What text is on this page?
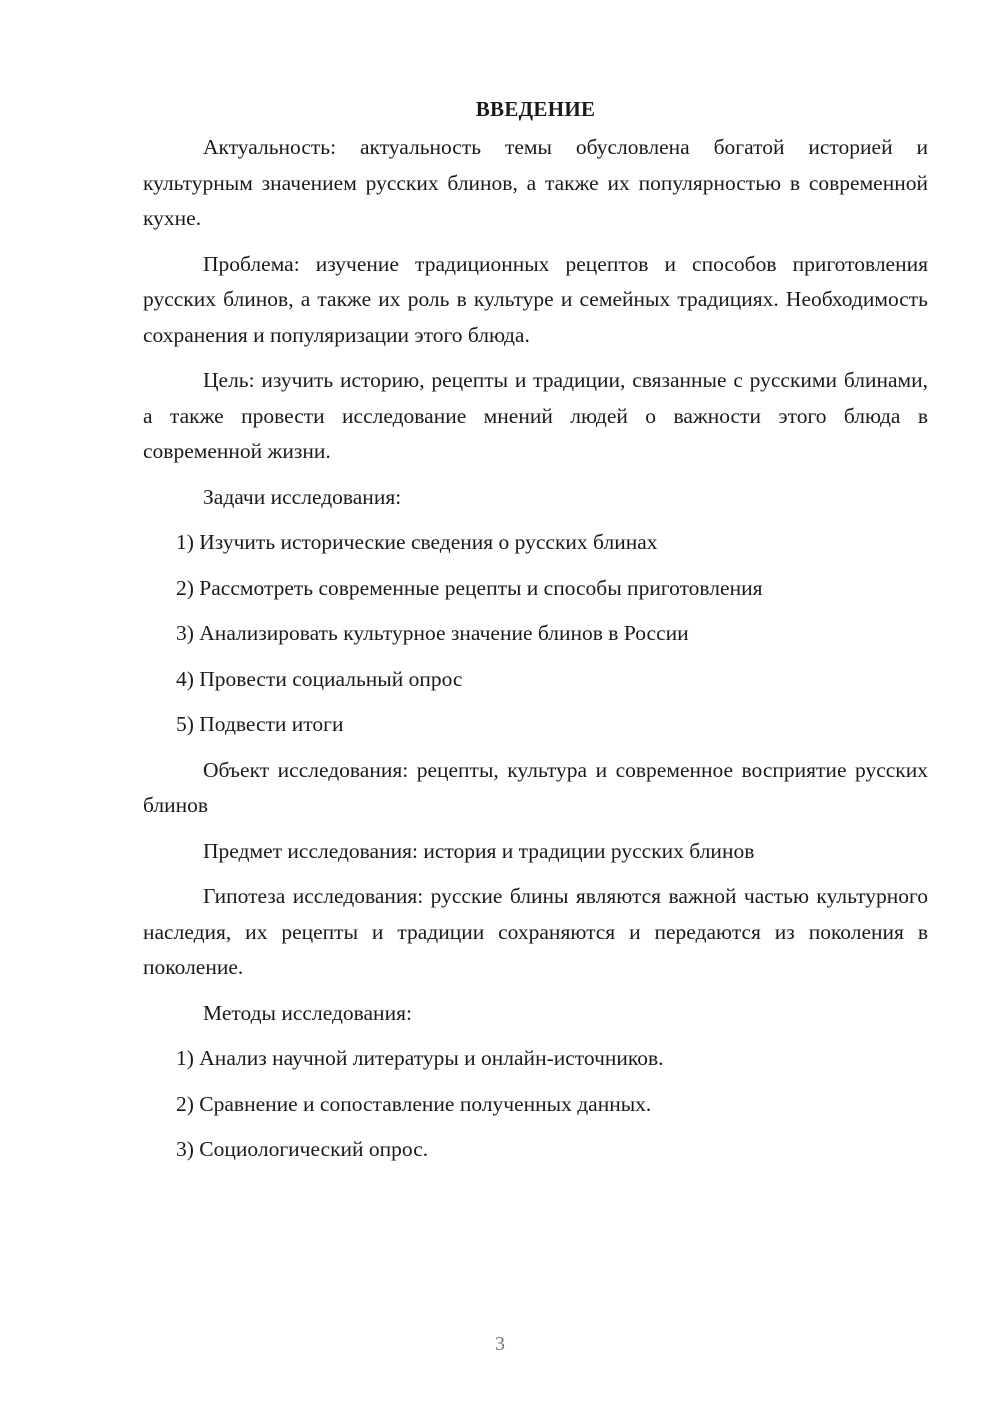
ВВЕДЕНИЕ

Актуальность: актуальность темы обусловлена богатой историей и культурным значением русских блинов, а также их популярностью в современной кухне.

Проблема: изучение традиционных рецептов и способов приготовления русских блинов, а также их роль в культуре и семейных традициях. Необходимость сохранения и популяризации этого блюда.

Цель: изучить историю, рецепты и традиции, связанные с русскими блинами, а также провести исследование мнений людей о важности этого блюда в современной жизни.

Задачи исследования:

1) Изучить исторические сведения о русских блинах
2) Рассмотреть современные рецепты и способы приготовления
3) Анализировать культурное значение блинов в России
4) Провести социальный опрос
5) Подвести итоги

Объект исследования: рецепты, культура и современное восприятие русских блинов

Предмет исследования: история и традиции русских блинов

Гипотеза исследования: русские блины являются важной частью культурного наследия, их рецепты и традиции сохраняются и передаются из поколения в поколение.

Методы исследования:

1) Анализ научной литературы и онлайн-источников.
2) Сравнение и сопоставление полученных данных.
3) Социологический опрос.
3
